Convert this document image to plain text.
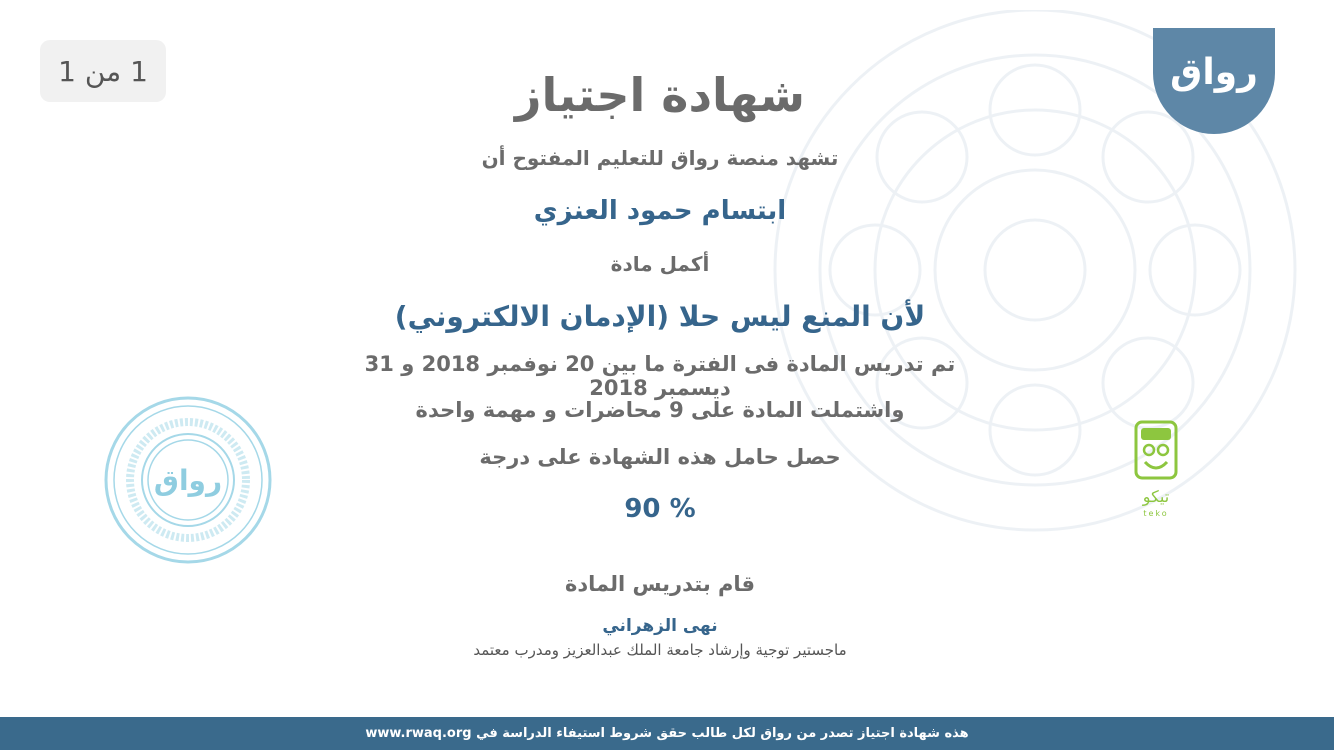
1 من 1	رواق
شهادة اجتياز
تشهد منصة رواق للتعليم المفتوح أن
ابتسام حمود العنزي
أكمل مادة
لأن المنع ليس حلا (الإدمان الالكتروني)
تم تدريس المادة فى الفترة ما بين 20 نوفمبر 2018 و 31 ديسمبر 2018
واشتملت المادة على 9 محاضرات و مهمة واحدة
حصل حامل هذه الشهادة على درجة
% 90
قام بتدريس المادة
نهى الزهراني
ماجستير توجية وإرشاد جامعة الملك عبدالعزيز ومدرب معتمد
رواق	تيكو
teko
هذه شهادة اجتياز تصدر من رواق لكل طالب حقق شروط استيفاء الدراسة في www.rwaq.org
